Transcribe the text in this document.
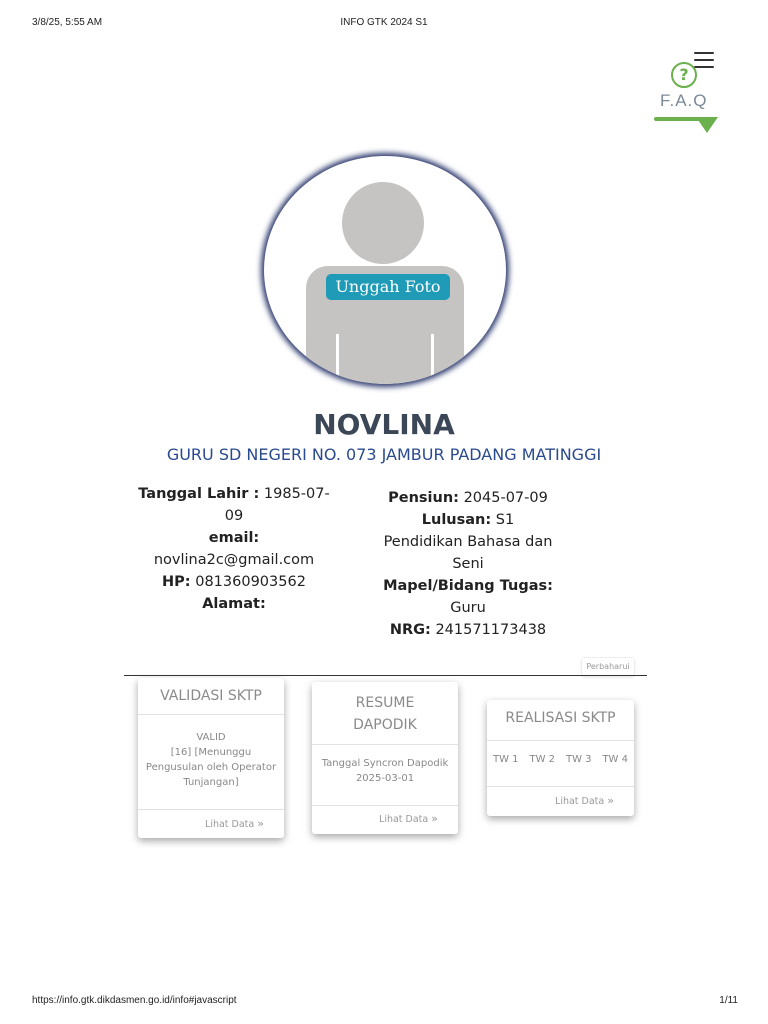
3/8/25, 5:55 AM	INFO GTK 2024 S1
?
F.A.Q
Unggah Foto
NOVLINA
GURU SD NEGERI NO. 073 JAMBUR PADANG MATINGGI
Tanggal Lahir : 1985-07-09
email:
novlina2c@gmail.com
HP: 081360903562
Alamat:
Pensiun: 2045-07-09
Lulusan: S1 Pendidikan Bahasa dan Seni
Mapel/Bidang Tugas:
Guru
NRG: 241571173438
Perbaharui
VALIDASI SKTP
VALID
[16] [Menunggu Pengusulan oleh Operator Tunjangan]
Lihat Data »
RESUME DAPODIK
Tanggal Syncron Dapodik
2025-03-01
Lihat Data »
REALISASI SKTP
TW 1 TW 2 TW 3 TW 4
Lihat Data »
https://info.gtk.dikdasmen.go.id/info#javascript	1/11
